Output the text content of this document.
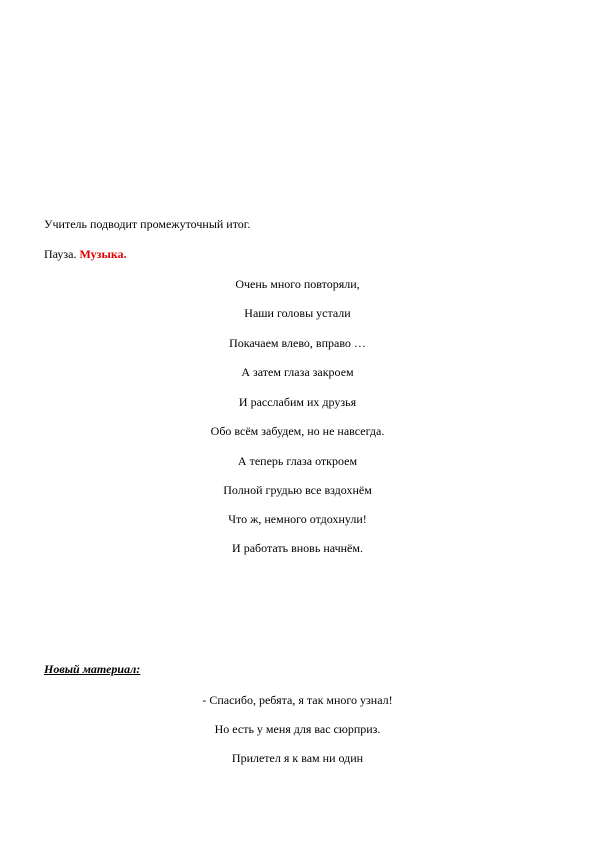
Учитель подводит промежуточный итог.

Пауза. Музыка.

Очень много повторяли,

Наши головы устали

Покачаем влево, вправо …

А затем глаза закроем

И расслабим их друзья

Обо всём забудем, но не навсегда.

А теперь глаза откроем

Полной грудью все вздохнём

Что ж, немного отдохнули!

И работать вновь начнём.

Новый материал:

- Спасибо, ребята, я так много узнал!

Но есть у меня для вас сюрприз.

Прилетел я к вам ни один
